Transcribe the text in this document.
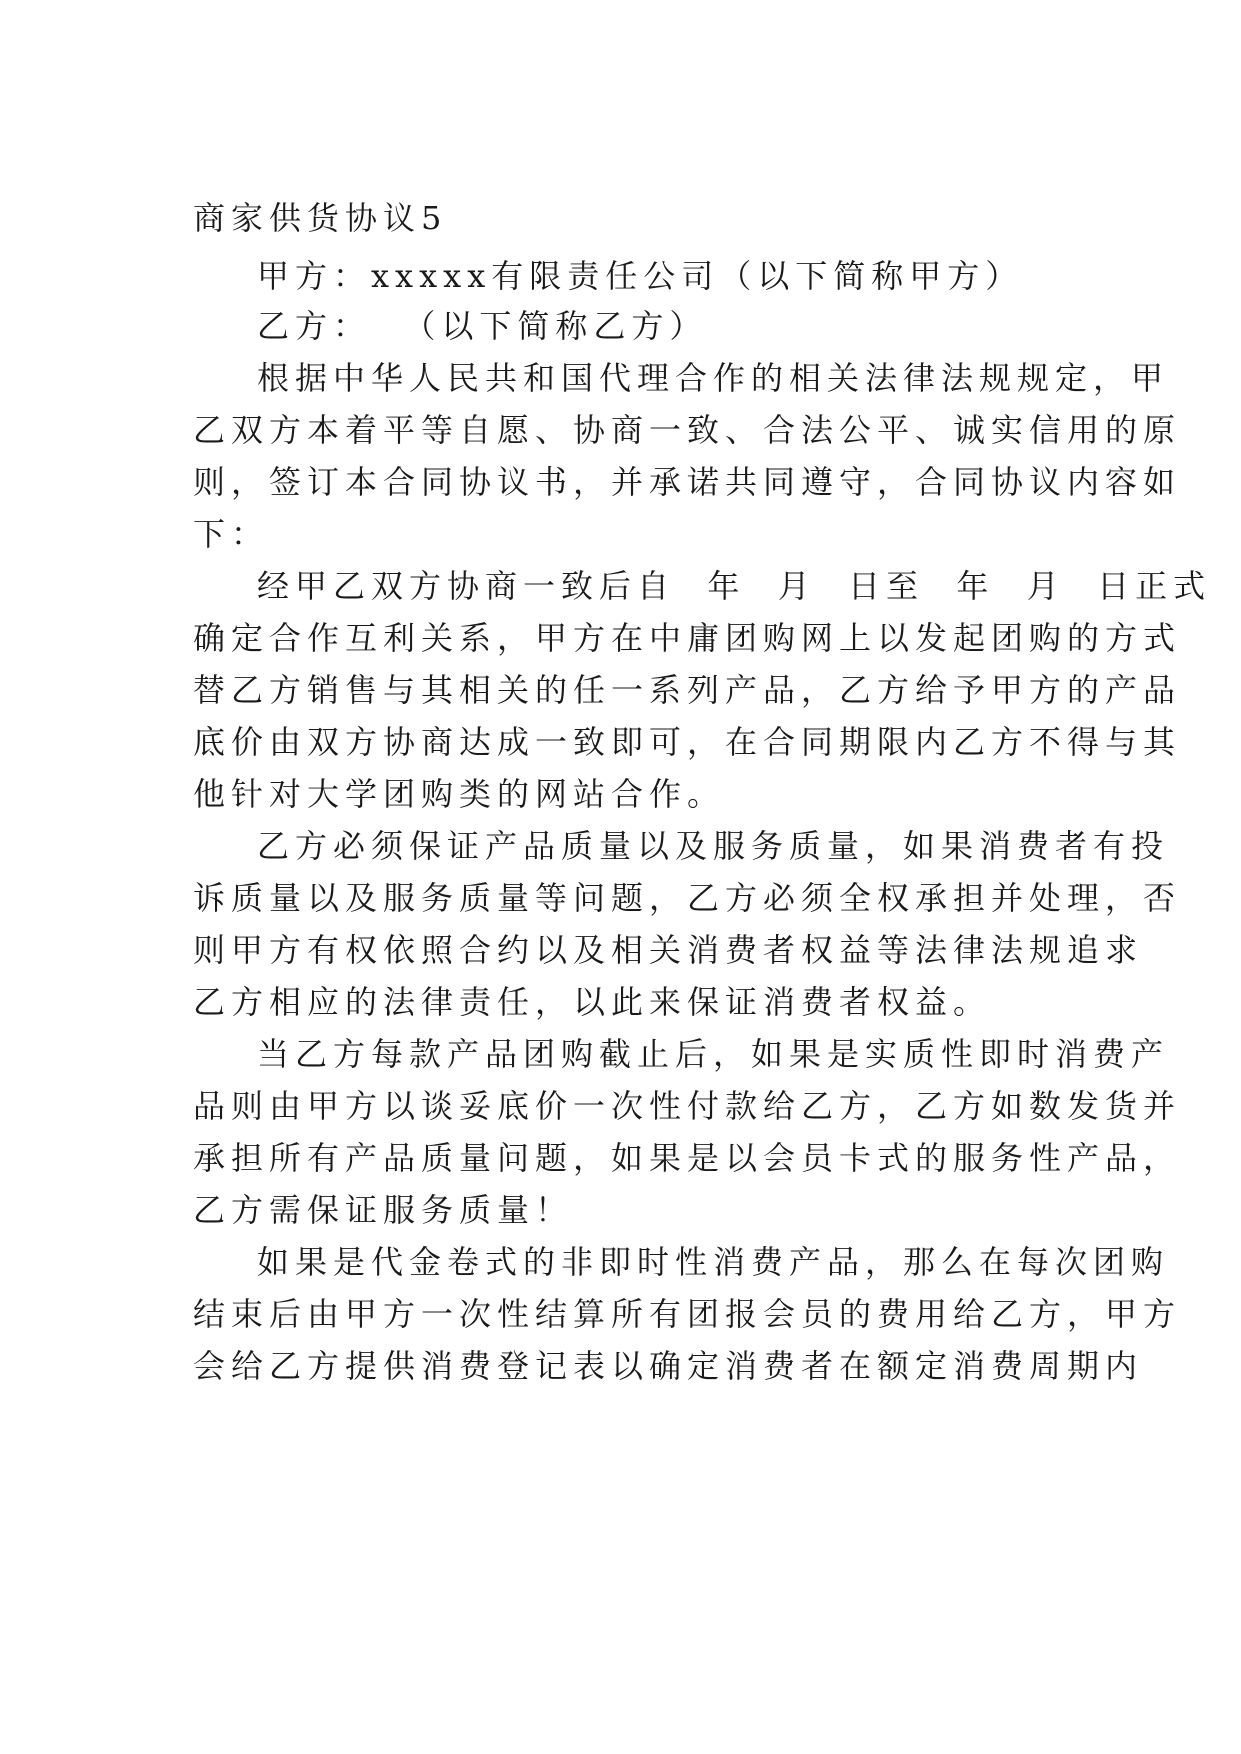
商家供货协议5
甲方：xxxxx有限责任公司（以下简称甲方）
乙方：  （以下简称乙方）
根据中华人民共和国代理合作的相关法律法规规定，甲
乙双方本着平等自愿、协商一致、合法公平、诚实信用的原
则，签订本合同协议书，并承诺共同遵守，合同协议内容如
下：
经甲乙双方协商一致后自  年  月  日至  年  月  日正式
确定合作互利关系，甲方在中庸团购网上以发起团购的方式
替乙方销售与其相关的任一系列产品，乙方给予甲方的产品
底价由双方协商达成一致即可，在合同期限内乙方不得与其
他针对大学团购类的网站合作。
乙方必须保证产品质量以及服务质量，如果消费者有投
诉质量以及服务质量等问题，乙方必须全权承担并处理，否
则甲方有权依照合约以及相关消费者权益等法律法规追求
乙方相应的法律责任，以此来保证消费者权益。
当乙方每款产品团购截止后，如果是实质性即时消费产
品则由甲方以谈妥底价一次性付款给乙方，乙方如数发货并
承担所有产品质量问题，如果是以会员卡式的服务性产品，
乙方需保证服务质量！
如果是代金卷式的非即时性消费产品，那么在每次团购
结束后由甲方一次性结算所有团报会员的费用给乙方，甲方
会给乙方提供消费登记表以确定消费者在额定消费周期内
